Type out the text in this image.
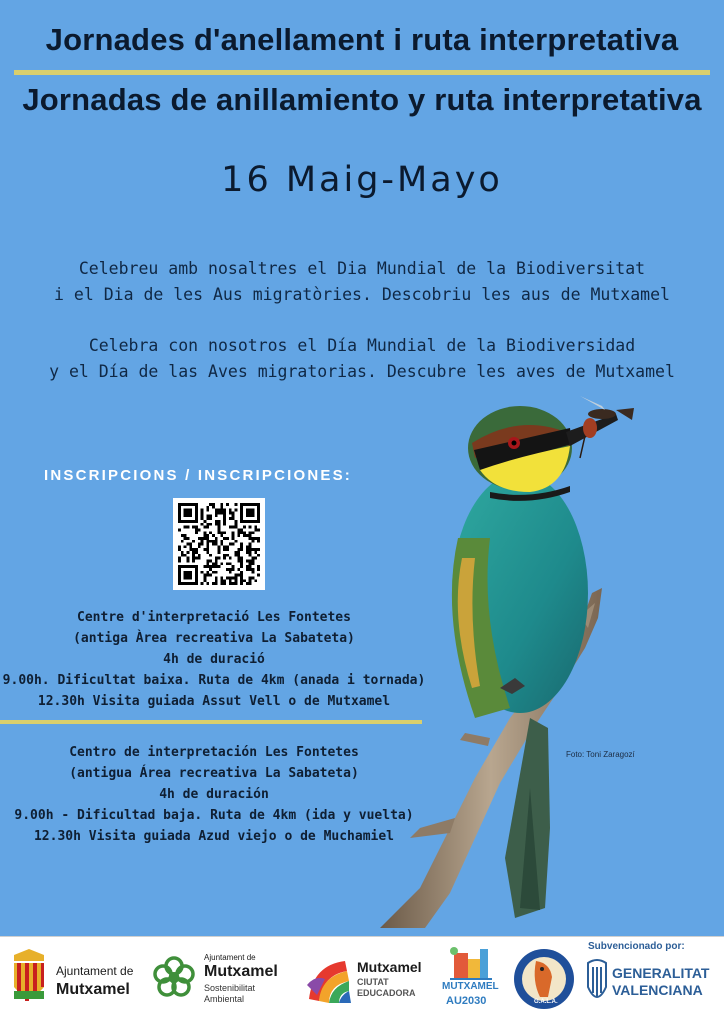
Jornades d'anellament i ruta interpretativa
Jornadas de anillamiento y ruta interpretativa
16 Maig-Mayo
Celebreu amb nosaltres el Dia Mundial de la Biodiversitat
i el Dia de les Aus migratòries. Descobriu les aus de Mutxamel
Celebra con nosotros el Día Mundial de la Biodiversidad
y el Día de las Aves migratorias. Descubre les aves de Mutxamel
INSCRIPCIONS / INSCRIPCIONES:
Centre d'interpretació Les Fontetes
(antiga Àrea recreativa La Sabateta)
4h de duració
9.00h. Dificultat baixa. Ruta de 4km (anada i tornada)
12.30h Visita guiada Assut Vell o de Mutxamel
Centro de interpretación Les Fontetes
(antigua Área recreativa La Sabateta)
4h de duración
9.00h - Dificultad baja. Ruta de 4km (ida y vuelta)
12.30h Visita guiada Azud viejo o de Muchamiel
Foto: Toni Zaragozí
Ajuntament de
Mutxamel
Ajuntament de
Mutxamel
Sostenibilitat
Ambiental
Mutxamel
CIUTAT
EDUCADORA
MUTXAMEL
AU2030	G.A.L.A.
Subvencionado por:
GENERALITAT
VALENCIANA
